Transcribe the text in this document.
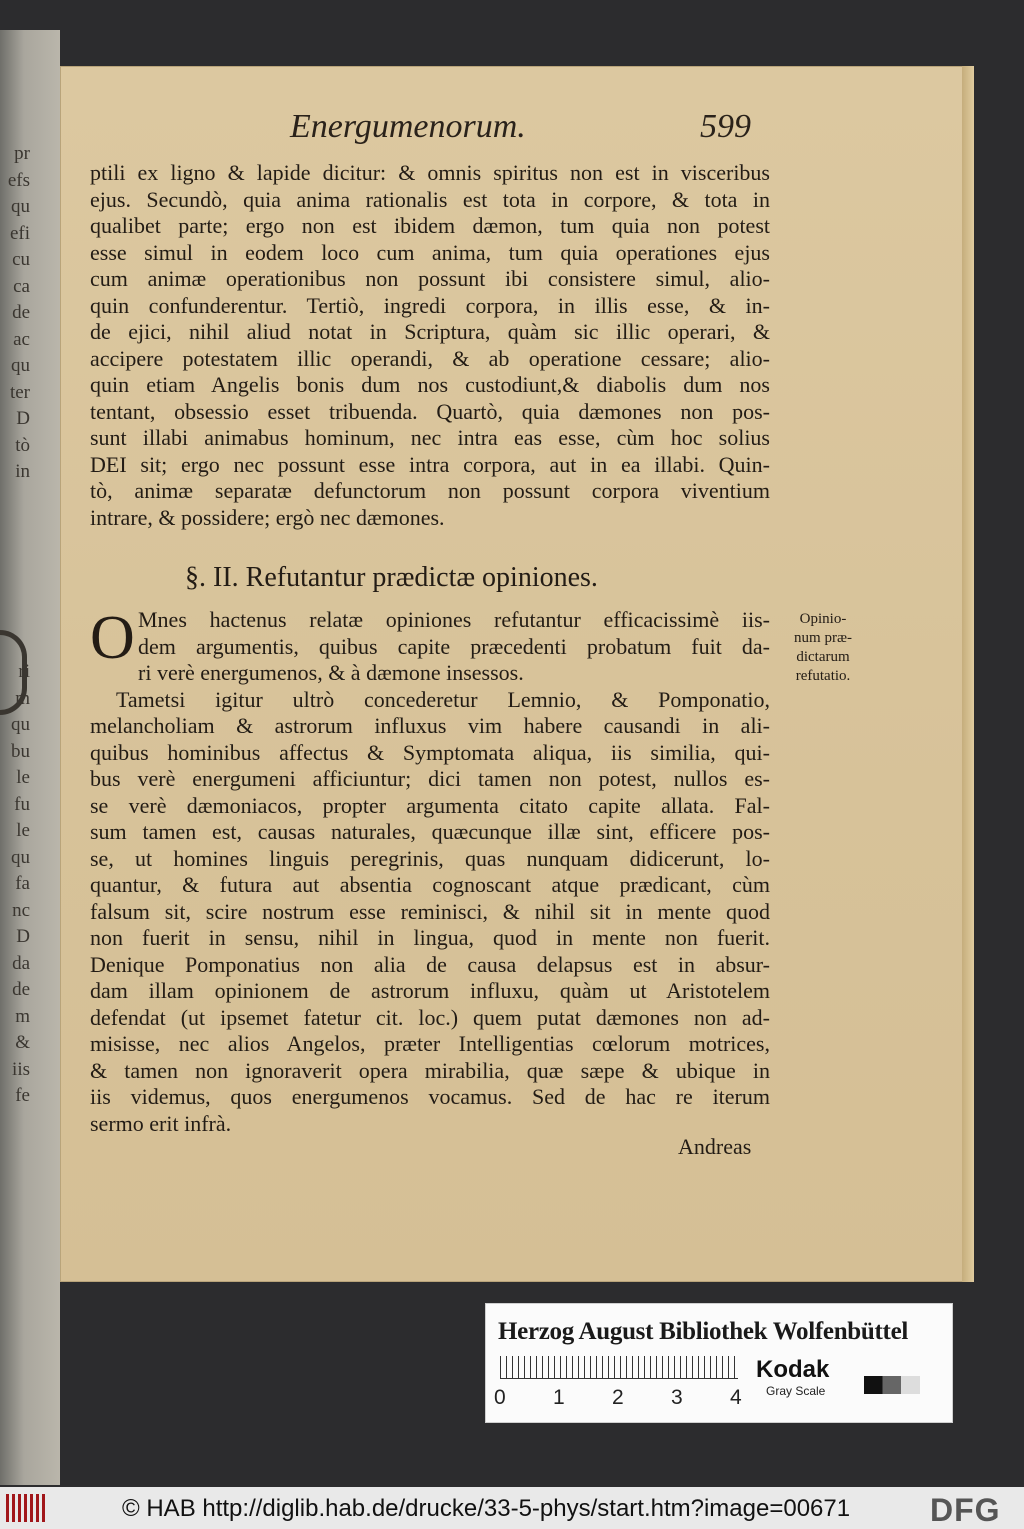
pr
efs
qu
efi
cu
ca
de
ac
qu
ter
D
tò
in
ri
m
qu
bu
le
fu
le
qu
fa
nc
D
da
de
m
&
iis
fe
Energumenorum.	599
ptili ex ligno & lapide dicitur: & omnis spiritus non est in visceribus
ejus. Secundò, quia anima rationalis est tota in corpore, & tota in
qualibet parte; ergo non est ibidem dæmon, tum quia non potest
esse simul in eodem loco cum anima, tum quia operationes ejus
cum animæ operationibus non possunt ibi consistere simul, alio-
quin confunderentur. Tertiò, ingredi corpora, in illis esse, & in-
de ejici, nihil aliud notat in Scriptura, quàm sic illic operari, &
accipere potestatem illic operandi, & ab operatione cessare; alio-
quin etiam Angelis bonis dum nos custodiunt,& diabolis dum nos
tentant, obsessio esset tribuenda. Quartò, quia dæmones non pos-
sunt illabi animabus hominum, nec intra eas esse, cùm hoc solius
DEI sit; ergo nec possunt esse intra corpora, aut in ea illabi. Quin-
tò, animæ separatæ defunctorum non possunt corpora viventium
intrare, & possidere; ergò nec dæmones.
§. II. Refutantur prædictæ opiniones.
O Mnes hactenus relatæ opiniones refutantur efficacissimè iis-
dem argumentis, quibus capite præcedenti probatum fuit da-
ri verè energumenos, & à dæmone insessos.
Tametsi igitur ultrò concederetur Lemnio, & Pomponatio,
melancholiam & astrorum influxus vim habere causandi in ali-
quibus hominibus affectus & Symptomata aliqua, iis similia, qui-
bus verè energumeni afficiuntur; dici tamen non potest, nullos es-
se verè dæmoniacos, propter argumenta citato capite allata. Fal-
sum tamen est, causas naturales, quæcunque illæ sint, efficere pos-
se, ut homines linguis peregrinis, quas nunquam didicerunt, lo-
quantur, & futura aut absentia cognoscant atque prædicant, cùm
falsum sit, scire nostrum esse reminisci, & nihil sit in mente quod
non fuerit in sensu, nihil in lingua, quod in mente non fuerit.
Denique Pomponatius non alia de causa delapsus est in absur-
dam illam opinionem de astrorum influxu, quàm ut Aristotelem
defendat (ut ipsemet fatetur cit. loc.) quem putat dæmones non ad-
misisse, nec alios Angelos, præter Intelligentias cœlorum motrices,
& tamen non ignoraverit opera mirabilia, quæ sæpe & ubique in
iis videmus, quos energumenos vocamus. Sed de hac re iterum
sermo erit infrà.
Opinio-
num præ-
dictarum
refutatio.
Andreas
Herzog August Bibliothek Wolfenbüttel
0 1 2 3 4
Kodak
Gray Scale
© HAB http://diglib.hab.de/drucke/33-5-phys/start.htm?image=00671 DFG
